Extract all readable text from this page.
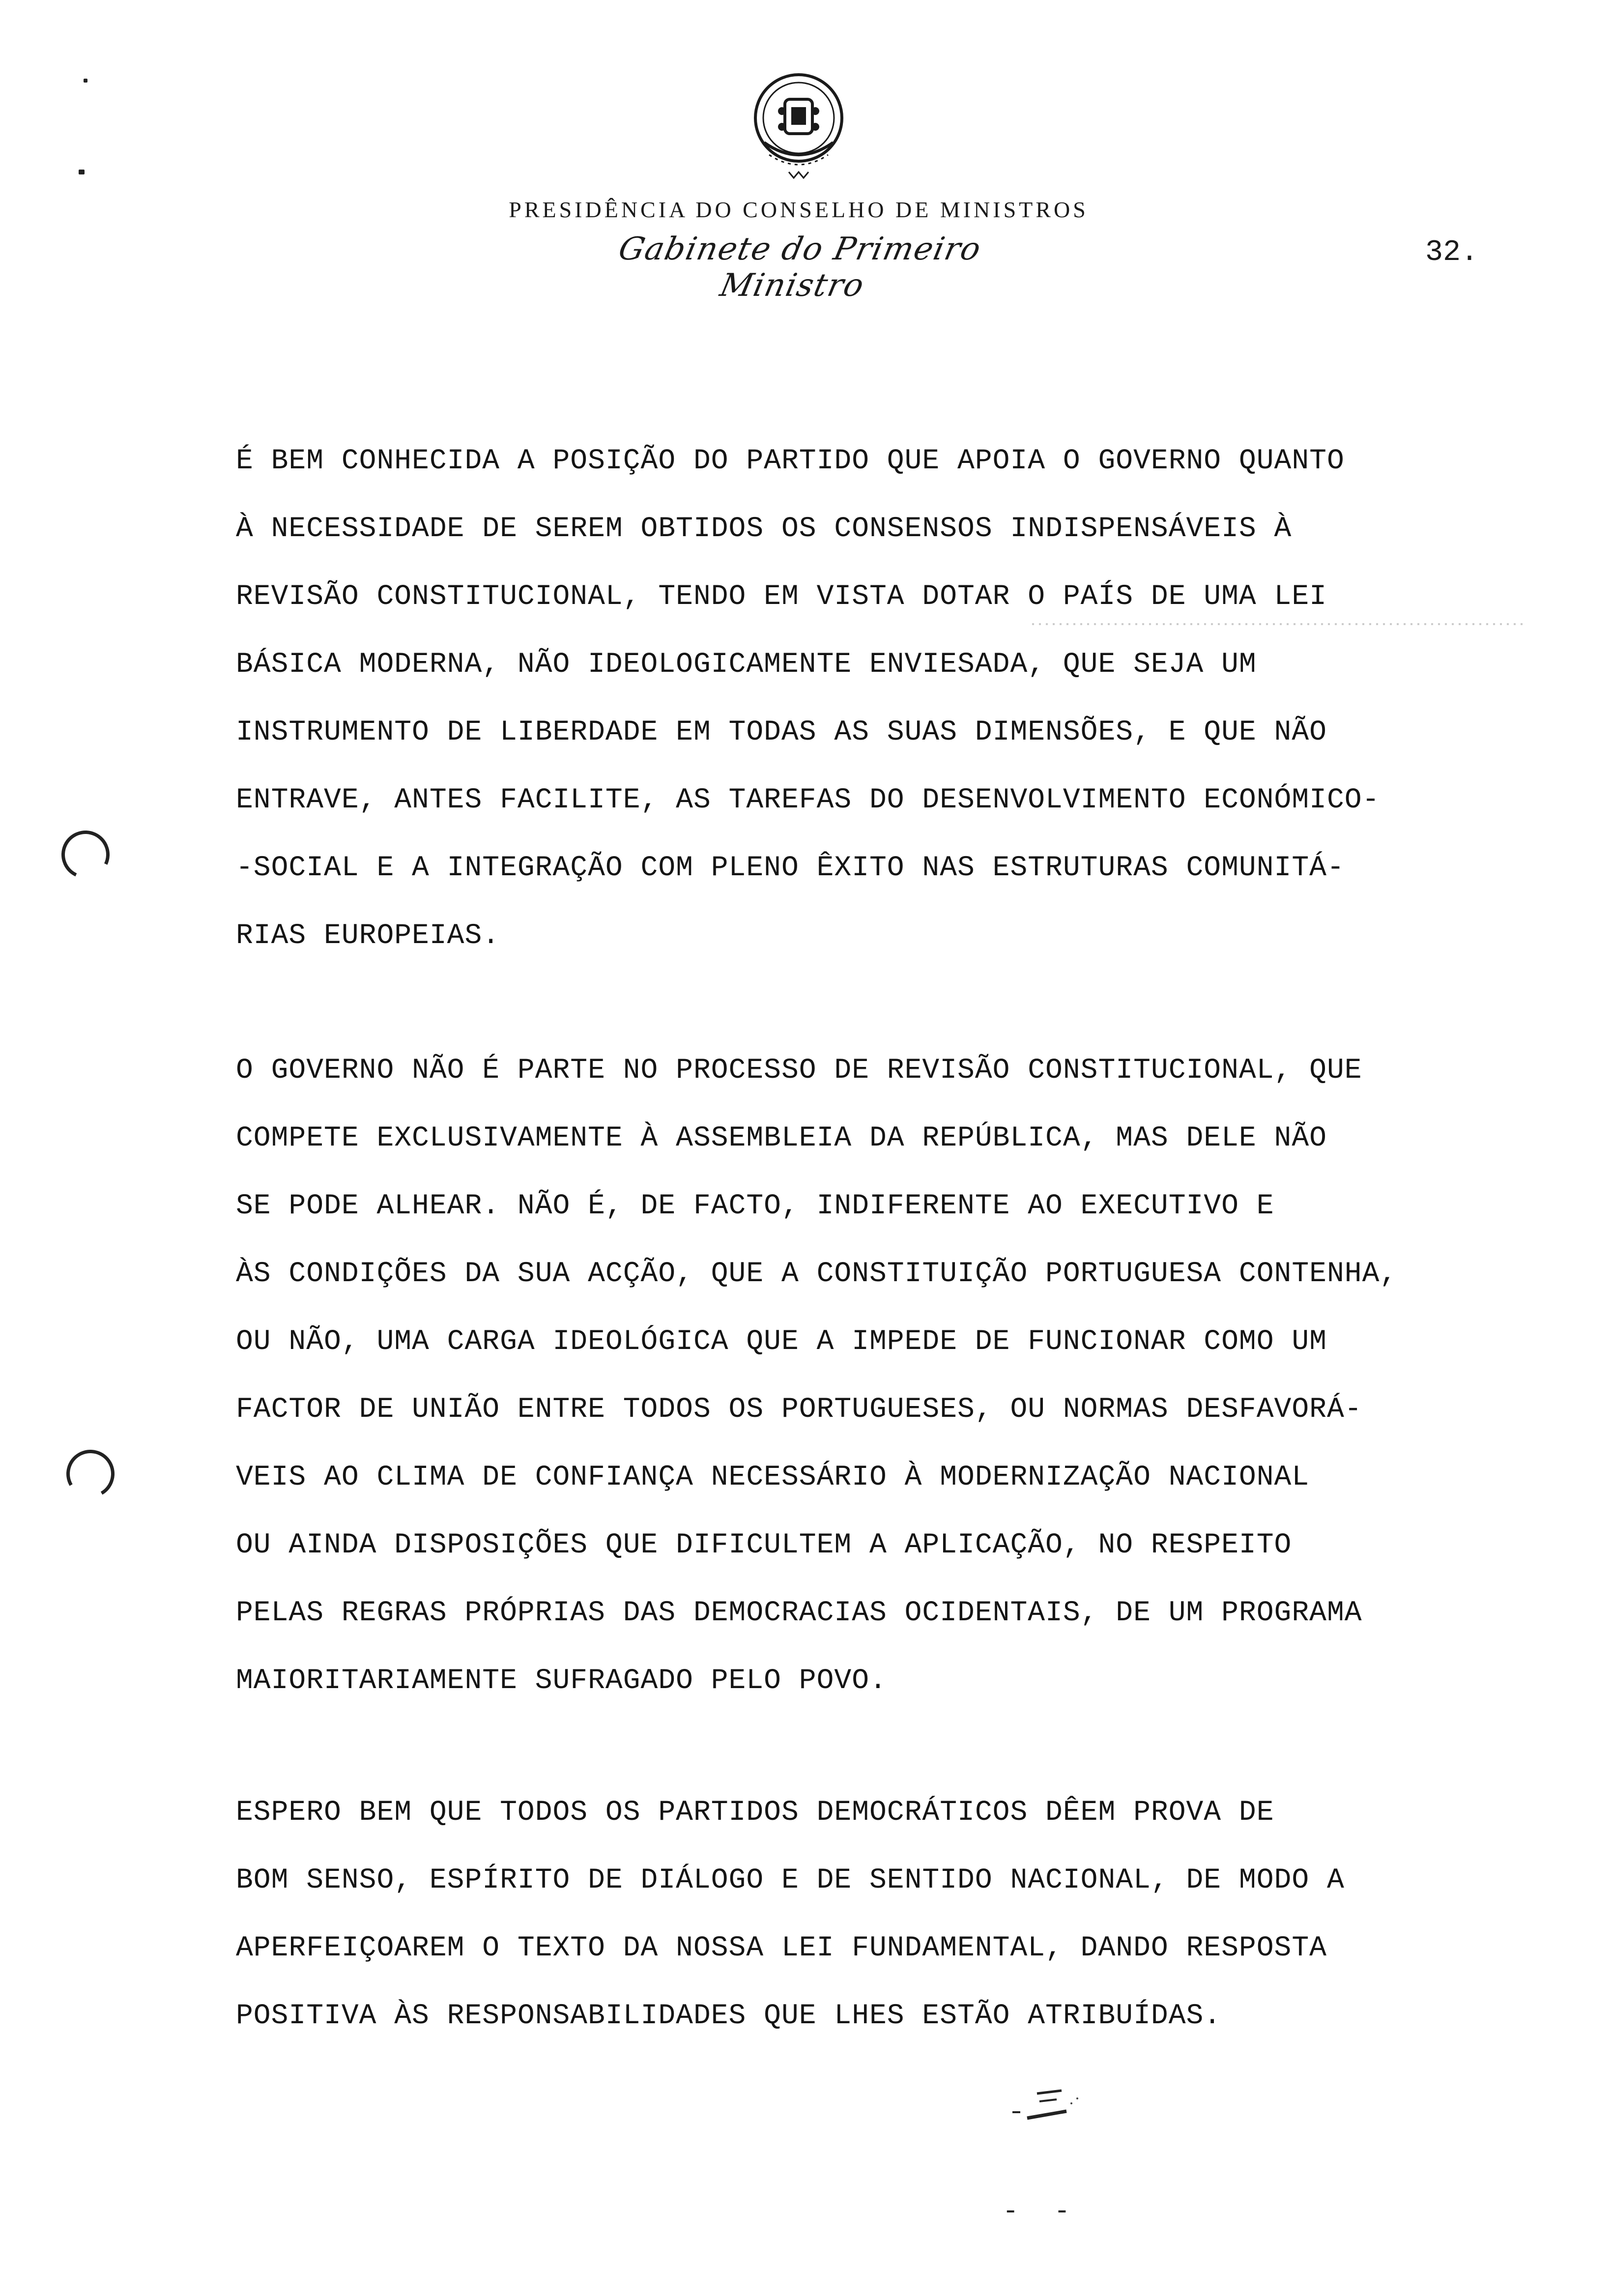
PRESIDÊNCIA DO CONSELHO DE MINISTROS
Gabinete do Primeiro Ministro
32.
É BEM CONHECIDA A POSIÇÃO DO PARTIDO QUE APOIA O GOVERNO QUANTO
À NECESSIDADE DE SEREM OBTIDOS OS CONSENSOS INDISPENSÁVEIS À
REVISÃO CONSTITUCIONAL, TENDO EM VISTA DOTAR O PAÍS DE UMA LEI
BÁSICA MODERNA, NÃO IDEOLOGICAMENTE ENVIESADA, QUE SEJA UM
INSTRUMENTO DE LIBERDADE EM TODAS AS SUAS DIMENSÕES, E QUE NÃO
ENTRAVE, ANTES FACILITE, AS TAREFAS DO DESENVOLVIMENTO ECONÓMICO-
-SOCIAL E A INTEGRAÇÃO COM PLENO ÊXITO NAS ESTRUTURAS COMUNITÁ-
RIAS EUROPEIAS.
O GOVERNO NÃO É PARTE NO PROCESSO DE REVISÃO CONSTITUCIONAL, QUE
COMPETE EXCLUSIVAMENTE À ASSEMBLEIA DA REPÚBLICA, MAS DELE NÃO
SE PODE ALHEAR. NÃO É, DE FACTO, INDIFERENTE AO EXECUTIVO E
ÀS CONDIÇÕES DA SUA ACÇÃO, QUE A CONSTITUIÇÃO PORTUGUESA CONTENHA,
OU NÃO, UMA CARGA IDEOLÓGICA QUE A IMPEDE DE FUNCIONAR COMO UM
FACTOR DE UNIÃO ENTRE TODOS OS PORTUGUESES, OU NORMAS DESFAVORÁ-
VEIS AO CLIMA DE CONFIANÇA NECESSÁRIO À MODERNIZAÇÃO NACIONAL
OU AINDA DISPOSIÇÕES QUE DIFICULTEM A APLICAÇÃO, NO RESPEITO
PELAS REGRAS PRÓPRIAS DAS DEMOCRACIAS OCIDENTAIS, DE UM PROGRAMA
MAIORITARIAMENTE SUFRAGADO PELO POVO.
ESPERO BEM QUE TODOS OS PARTIDOS DEMOCRÁTICOS DÊEM PROVA DE
BOM SENSO, ESPÍRITO DE DIÁLOGO E DE SENTIDO NACIONAL, DE MODO A
APERFEIÇOAREM O TEXTO DA NOSSA LEI FUNDAMENTAL, DANDO RESPOSTA
POSITIVA ÀS RESPONSABILIDADES QUE LHES ESTÃO ATRIBUÍDAS.
- -
